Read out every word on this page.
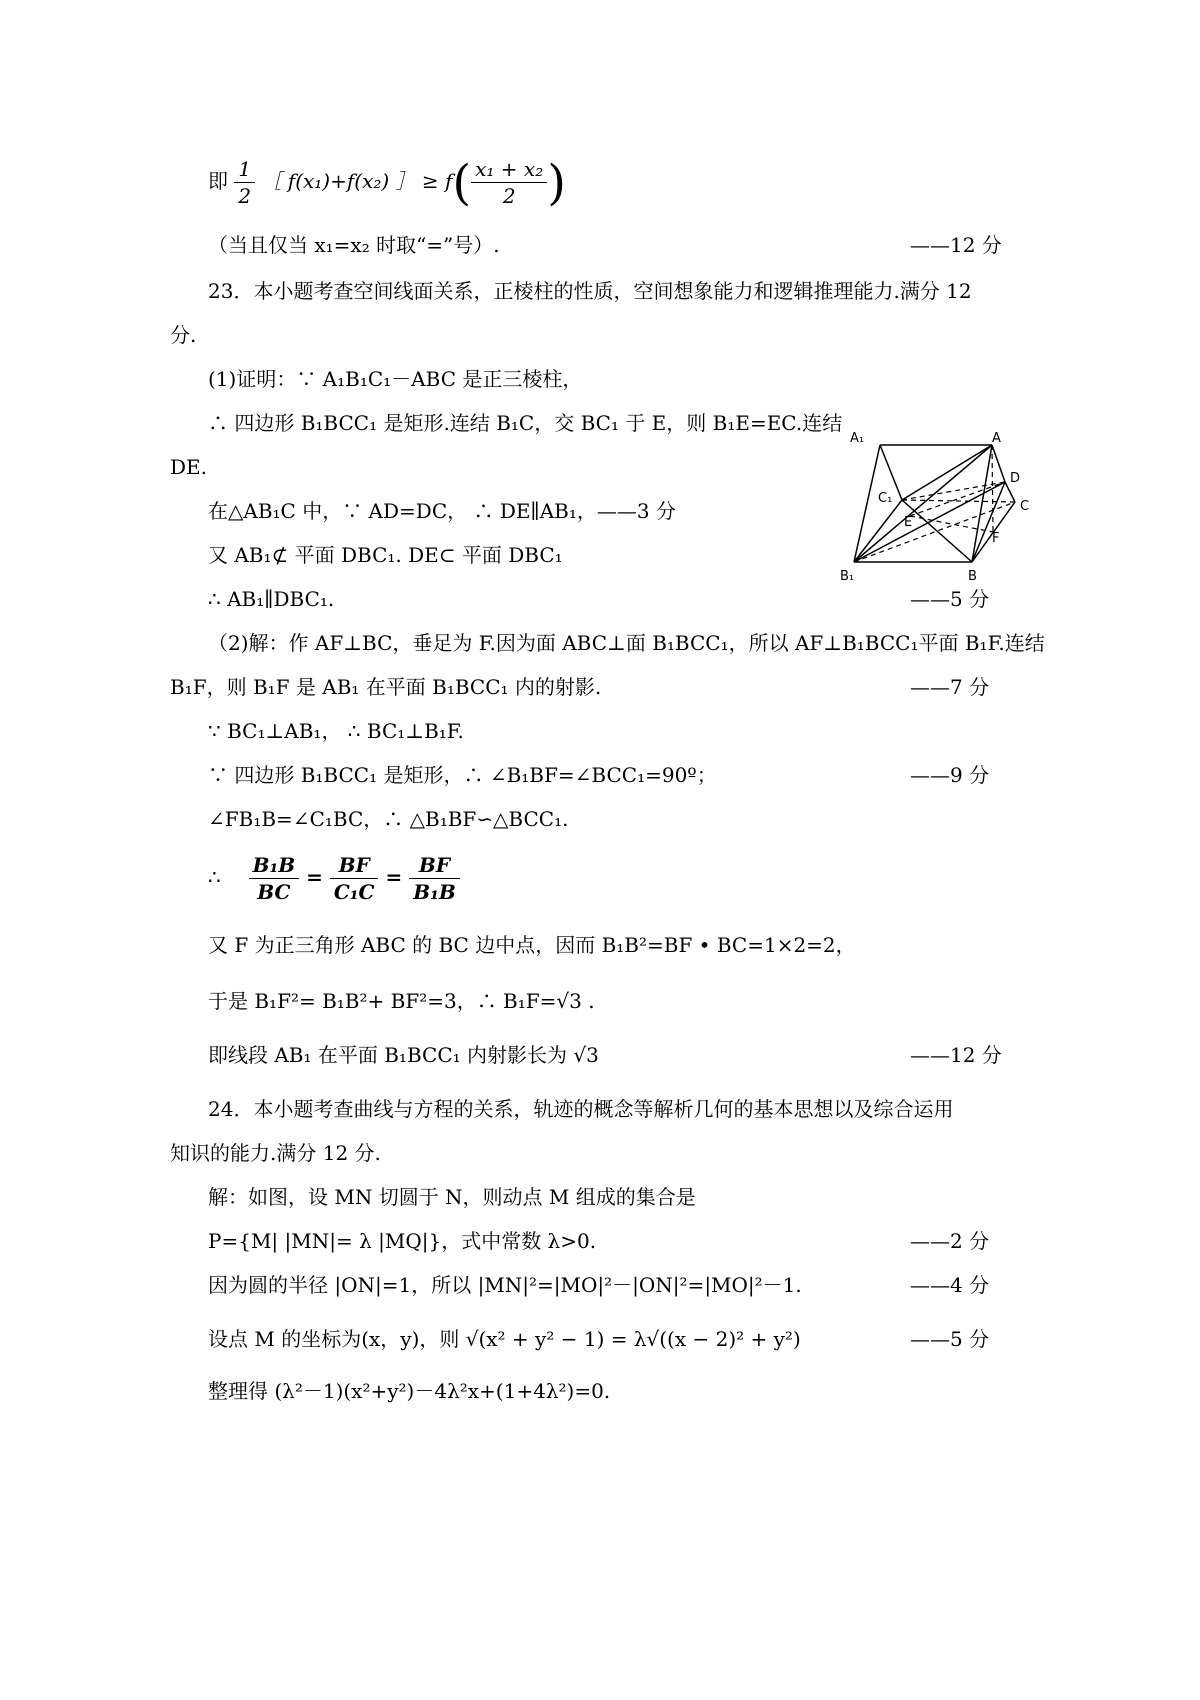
即 $\frac{1}{2}$ ［ f(x₁)+f(x₂) ］ ≥ $f( \frac{\text{x₁ + x₂}}{2}$ )
（当且仅当 x₁=x₂ 时取“=”号）.	——12 分
23．本小题考查空间线面关系，正棱柱的性质，空间想象能力和逻辑推理能力.满分 12
分.
(1)证明：∵ A₁B₁C₁－ABC 是正三棱柱，
∴ 四边形 B₁BCC₁ 是矩形.连结 B₁C，交 BC₁ 于 E，则 B₁E=EC.连结
DE.
在△AB₁C 中，∵ AD=DC， ∴ DE∥AB₁，——3 分
又 AB₁⊄ 平面 DBC₁. DE⊂ 平面 DBC₁
∴ AB₁∥DBC₁.	——5 分
（2)解：作 AF⊥BC，垂足为 F.因为面 ABC⊥面 B₁BCC₁，所以 AF⊥B₁BCC₁平面 B₁F.连结
B₁F，则 B₁F 是 AB₁ 在平面 B₁BCC₁ 内的射影.	——7 分
∵ BC₁⊥AB₁， ∴ BC₁⊥B₁F.
∵ 四边形 B₁BCC₁ 是矩形，∴ ∠B₁BF=∠BCC₁=90º；	——9 分
∠FB₁B=∠C₁BC，∴ △B₁BF∽△BCC₁.
∴ $\frac{\text{B₁B}}{BC} = \frac{BF}{\text{C₁C}} = \frac{BF}{\text{B₁B}}$
又 F 为正三角形 ABC 的 BC 边中点，因而 B₁B²=BF • BC=1×2=2，
于是 B₁F²= B₁B²+ BF²=3，∴ B₁F=√3 .
即线段 AB₁ 在平面 B₁BCC₁ 内射影长为 √3	——12 分
A₁	A
D
C₁
E
C
F
B₁	B
24．本小题考查曲线与方程的关系，轨迹的概念等解析几何的基本思想以及综合运用
知识的能力.满分 12 分.
解：如图，设 MN 切圆于 N，则动点 M 组成的集合是
P={M| |MN|= λ |MQ|}，式中常数 λ>0.	——2 分
因为圆的半径 |ON|=1，所以 |MN|²=|MO|²－|ON|²=|MO|²－1.	——4 分
设点 M 的坐标为(x，y)，则 √(x² + y² − 1) = λ√((x − 2)² + y²)	——5 分
整理得 (λ²－1)(x²+y²)－4λ²x+(1+4λ²)=0.
